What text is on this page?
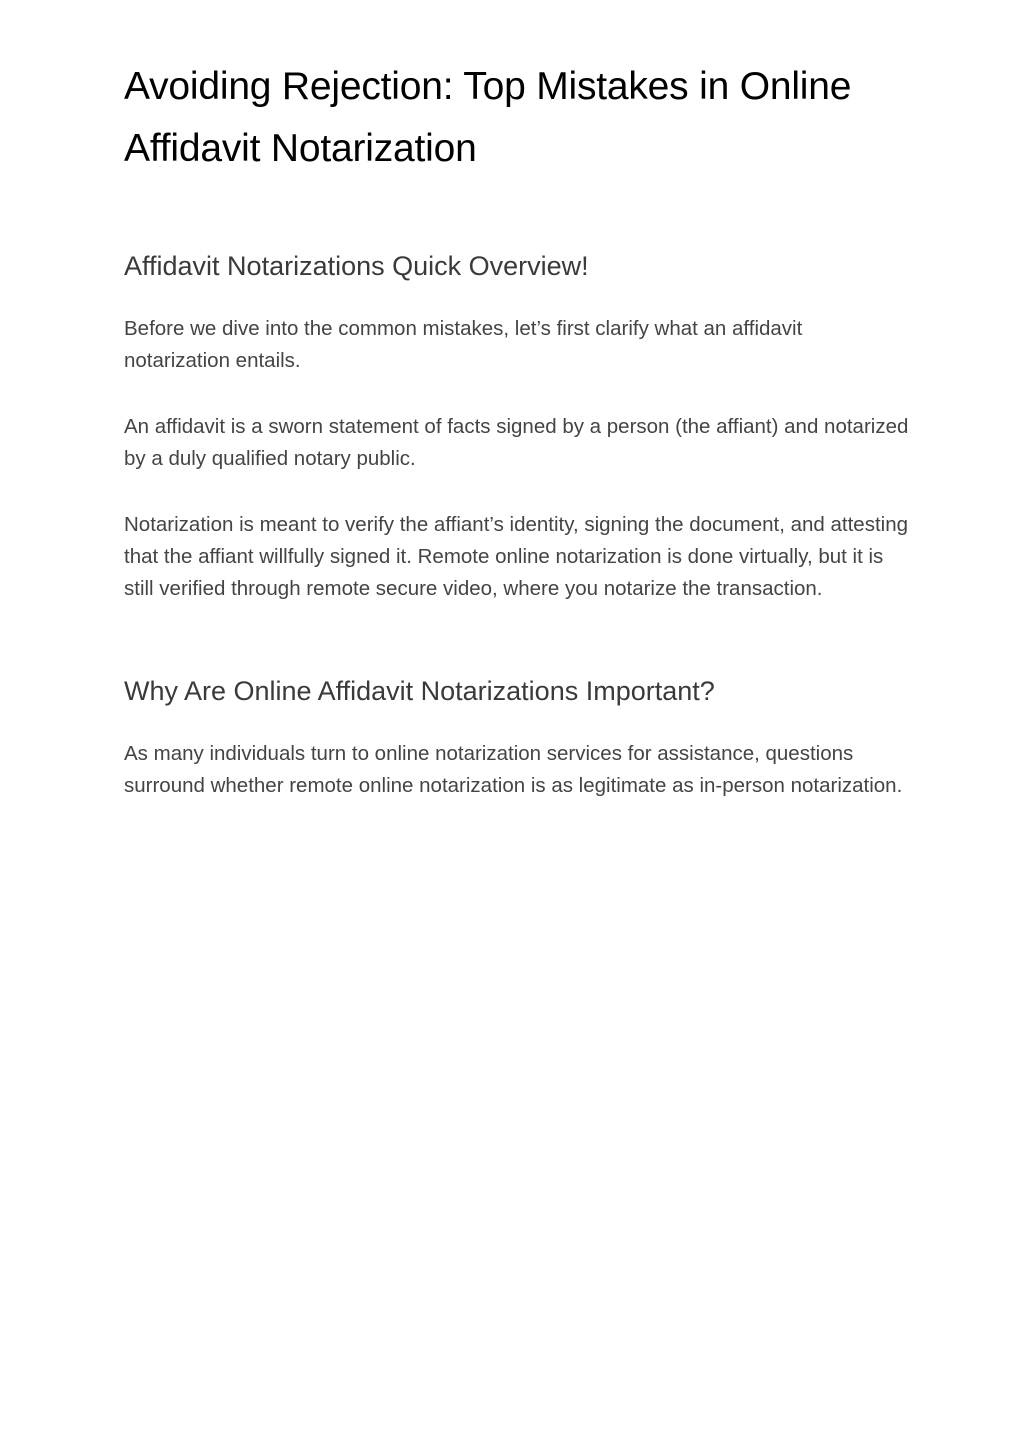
Avoiding Rejection: Top Mistakes in Online Affidavit Notarization
Affidavit Notarizations Quick Overview!

Before we dive into the common mistakes, let’s first clarify what an affidavit notarization entails.

An affidavit is a sworn statement of facts signed by a person (the affiant) and notarized by a duly qualified notary public.

Notarization is meant to verify the affiant’s identity, signing the document, and attesting that the affiant willfully signed it. Remote online notarization is done virtually, but it is still verified through remote secure video, where you notarize the transaction.

Why Are Online Affidavit Notarizations Important?

As many individuals turn to online notarization services for assistance, questions surround whether remote online notarization is as legitimate as in-person notarization.
